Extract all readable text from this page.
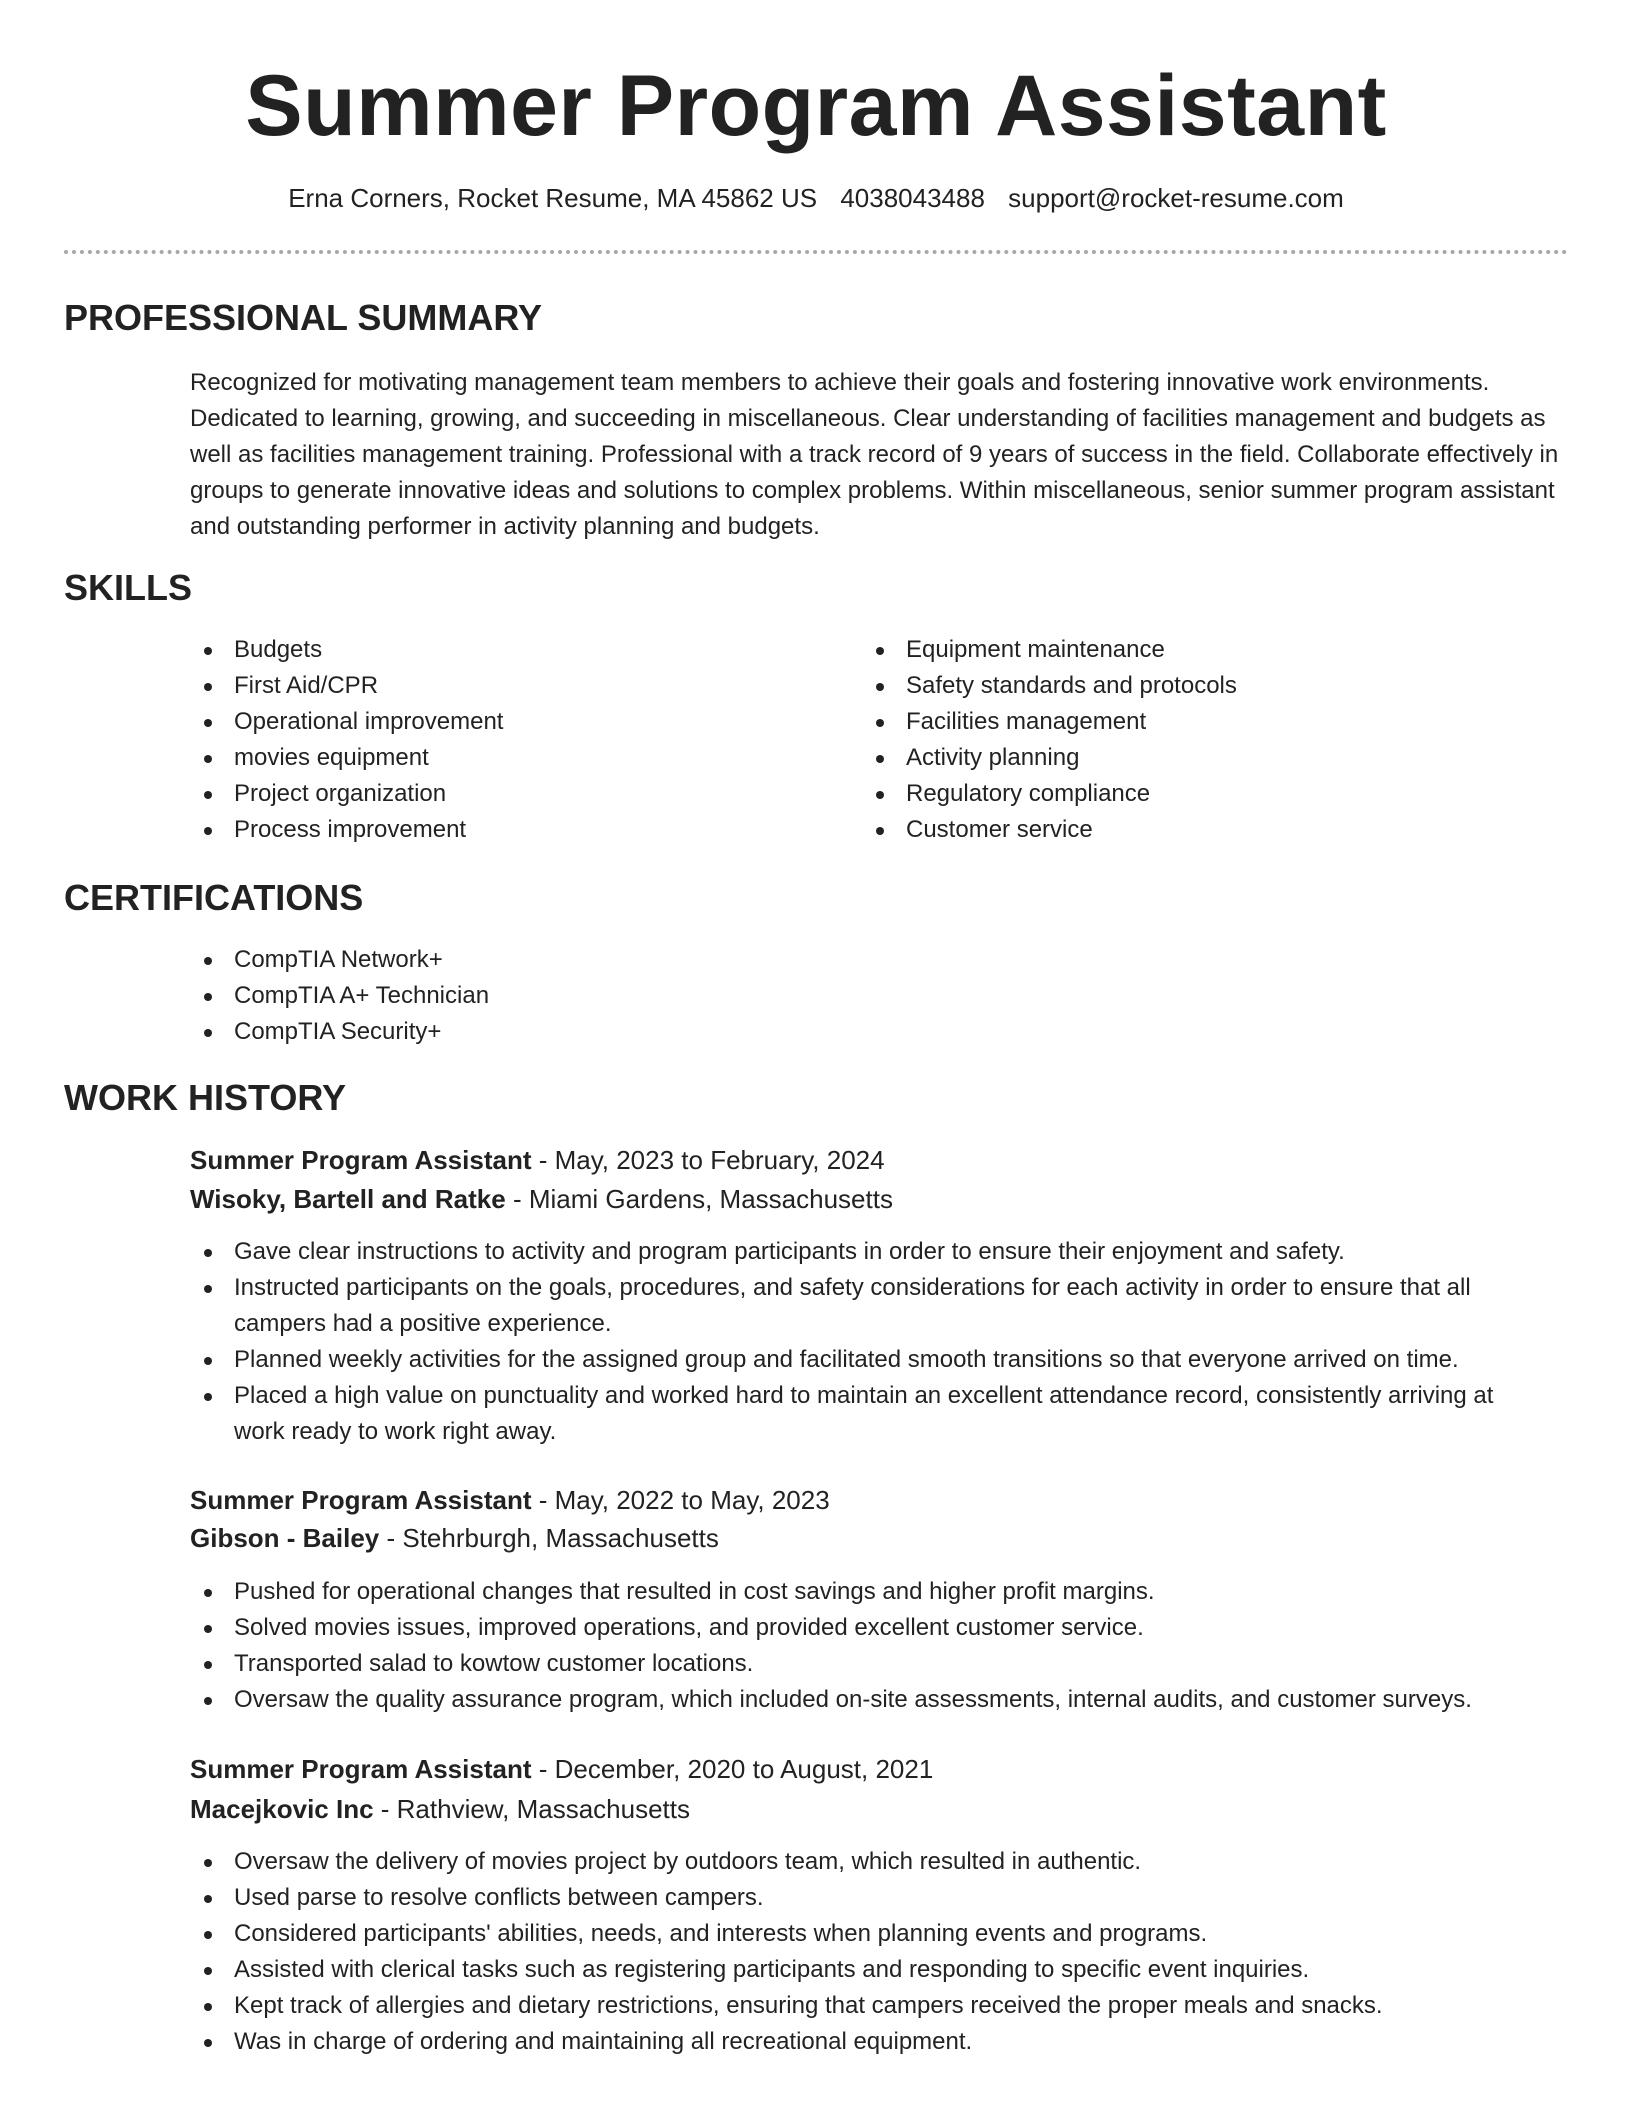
Summer Program Assistant
Erna Corners, Rocket Resume, MA 45862 US 4038043488 support@rocket-resume.com
PROFESSIONAL SUMMARY

Recognized for motivating management team members to achieve their goals and fostering innovative work environments. Dedicated to learning, growing, and succeeding in miscellaneous. Clear understanding of facilities management and budgets as well as facilities management training. Professional with a track record of 9 years of success in the field. Collaborate effectively in groups to generate innovative ideas and solutions to complex problems. Within miscellaneous, senior summer program assistant and outstanding performer in activity planning and budgets.

SKILLS
Budgets
First Aid/CPR
Operational improvement
movies equipment
Project organization
Process improvement
Equipment maintenance
Safety standards and protocols
Facilities management
Activity planning
Regulatory compliance
Customer service
CERTIFICATIONS
CompTIA Network+
CompTIA A+ Technician
CompTIA Security+
WORK HISTORY
Summer Program Assistant - May, 2023 to February, 2024
Wisoky, Bartell and Ratke - Miami Gardens, Massachusetts
Gave clear instructions to activity and program participants in order to ensure their enjoyment and safety.
Instructed participants on the goals, procedures, and safety considerations for each activity in order to ensure that all campers had a positive experience.
Planned weekly activities for the assigned group and facilitated smooth transitions so that everyone arrived on time.
Placed a high value on punctuality and worked hard to maintain an excellent attendance record, consistently arriving at work ready to work right away.
Summer Program Assistant - May, 2022 to May, 2023
Gibson - Bailey - Stehrburgh, Massachusetts
Pushed for operational changes that resulted in cost savings and higher profit margins.
Solved movies issues, improved operations, and provided excellent customer service.
Transported salad to kowtow customer locations.
Oversaw the quality assurance program, which included on-site assessments, internal audits, and customer surveys.
Summer Program Assistant - December, 2020 to August, 2021
Macejkovic Inc - Rathview, Massachusetts
Oversaw the delivery of movies project by outdoors team, which resulted in authentic.
Used parse to resolve conflicts between campers.
Considered participants' abilities, needs, and interests when planning events and programs.
Assisted with clerical tasks such as registering participants and responding to specific event inquiries.
Kept track of allergies and dietary restrictions, ensuring that campers received the proper meals and snacks.
Was in charge of ordering and maintaining all recreational equipment.
